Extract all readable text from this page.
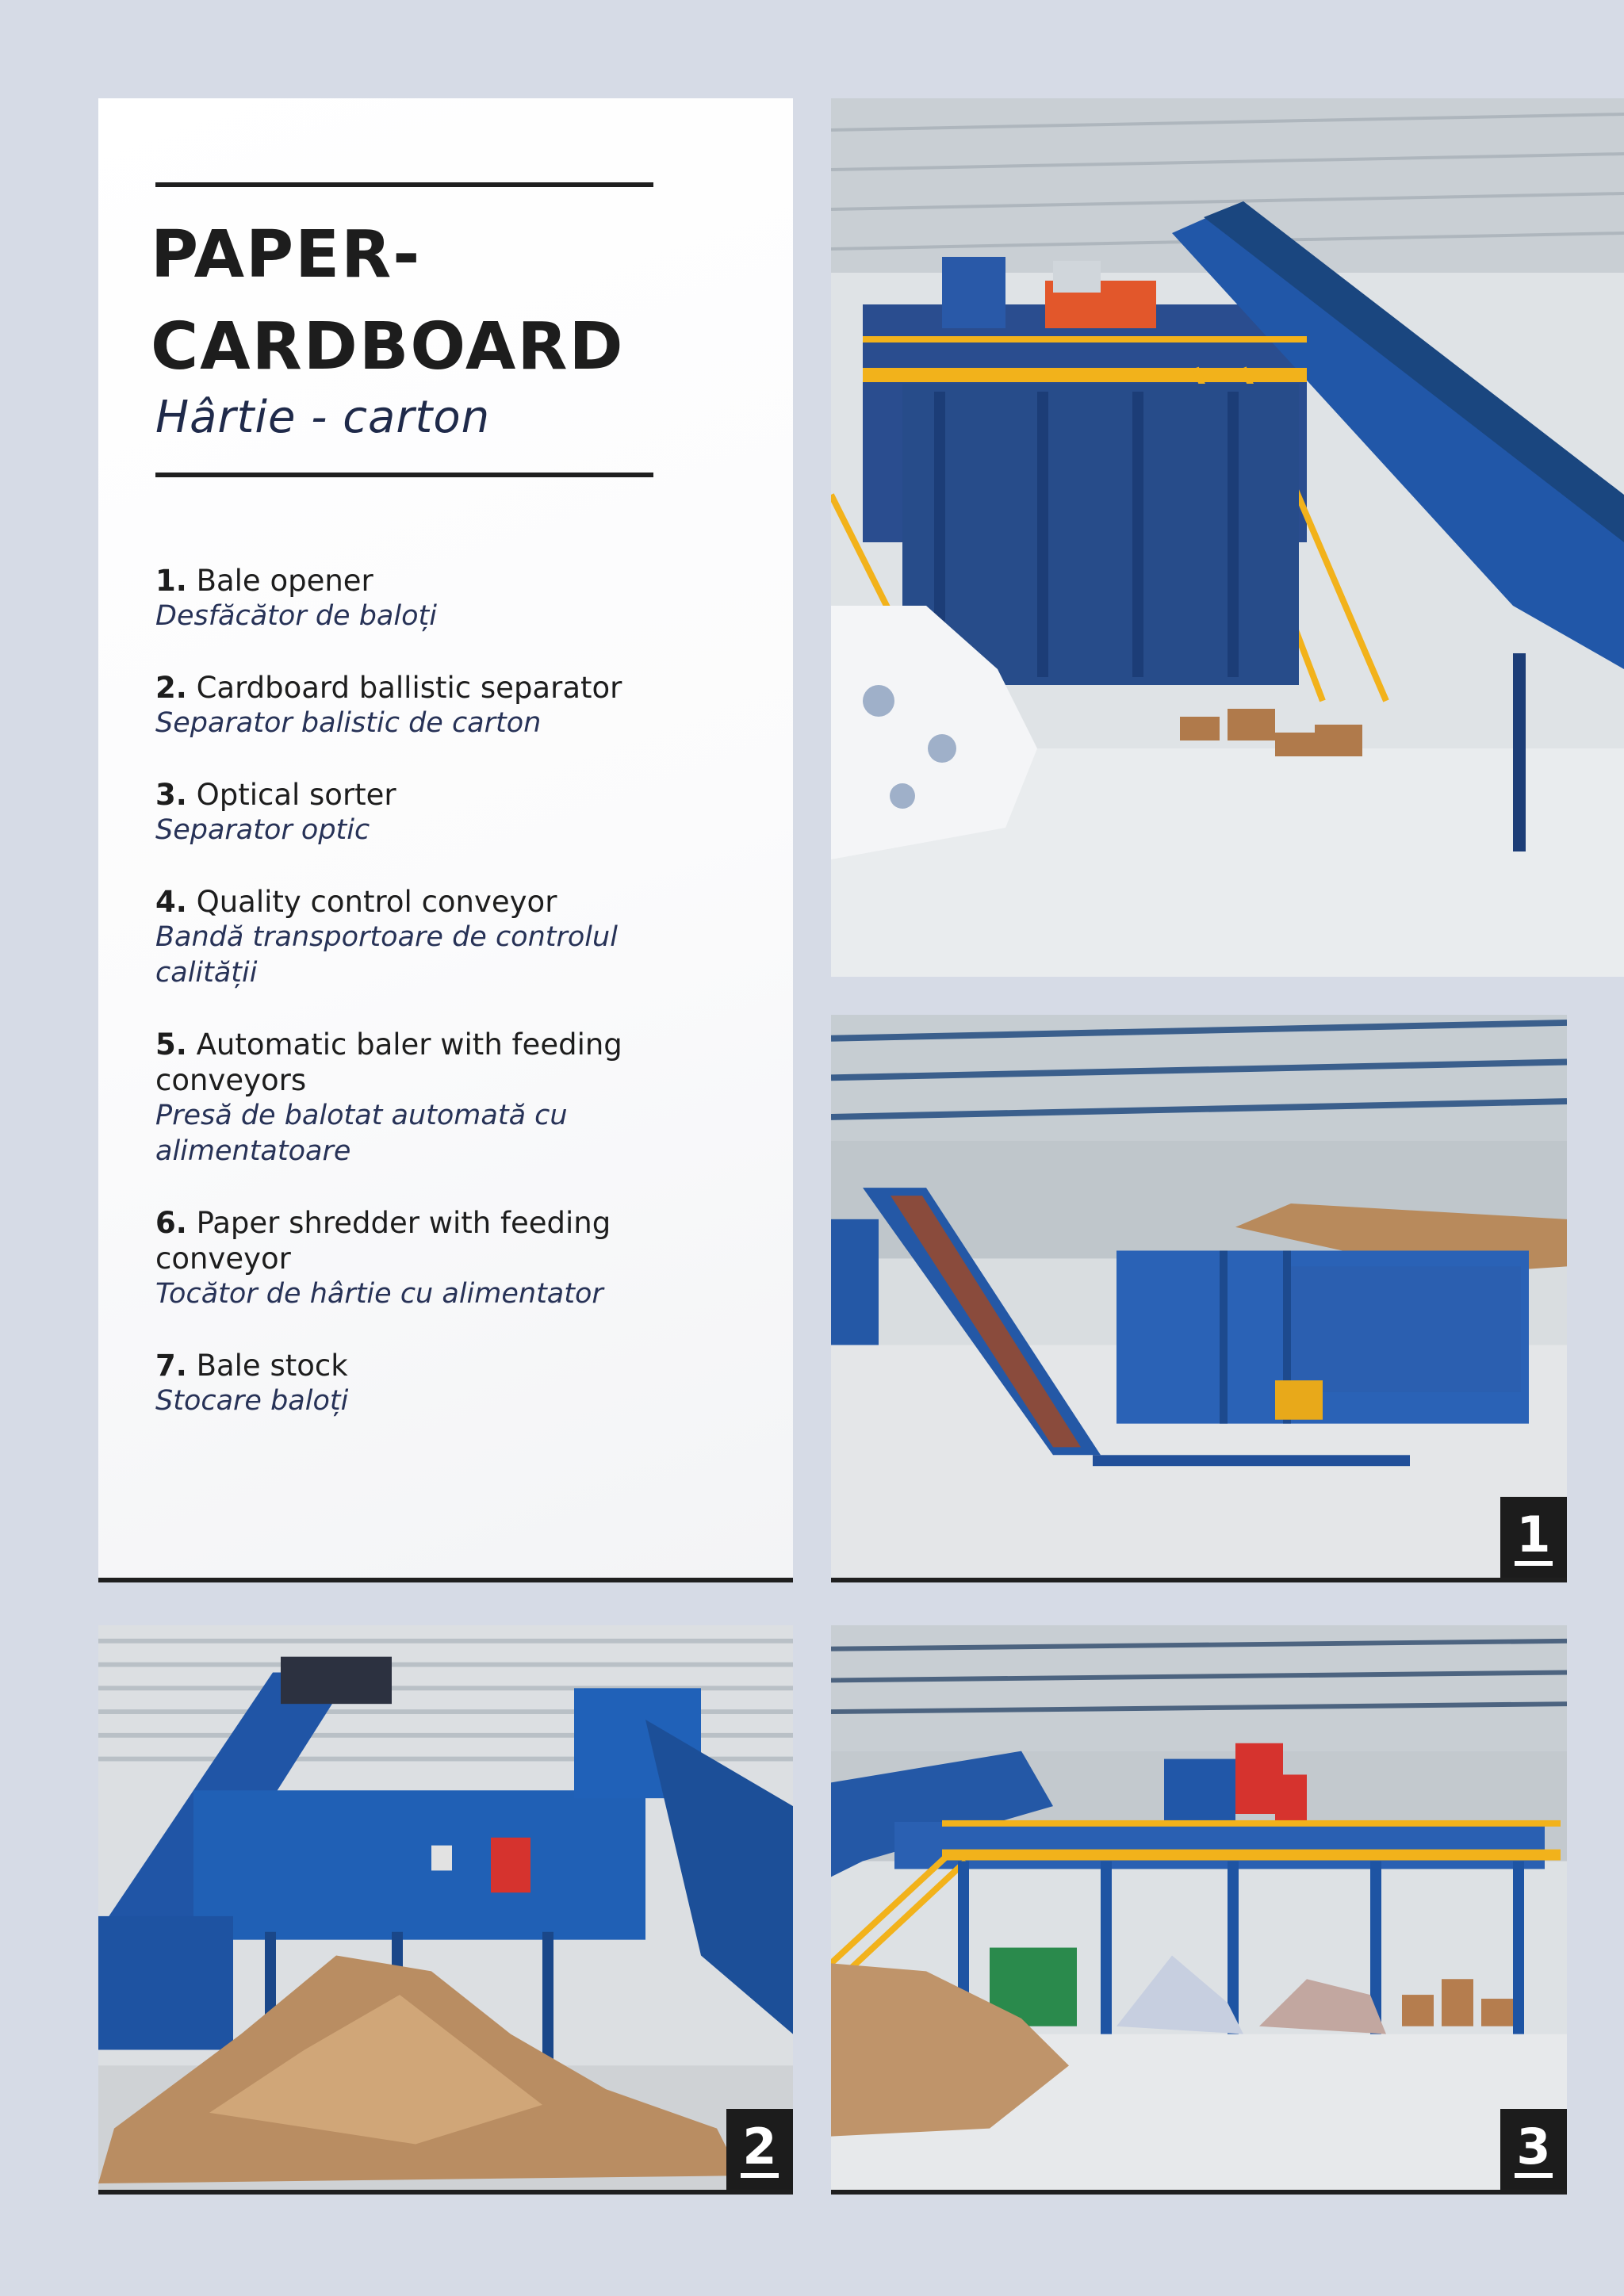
PAPER-
CARDBOARD
Hârtie - carton
1. Bale opener
Desfăcător de baloți
2. Cardboard ballistic separator
Separator balistic de carton
3. Optical sorter
Separator optic
4. Quality control conveyor
Bandă transportoare de controlul calității
5. Automatic baler with feeding conveyors
Presă de balotat automată cu alimentatoare
6. Paper shredder with feeding conveyor
Tocător de hârtie cu alimentator
7. Bale stock
Stocare baloți
1
2	3
